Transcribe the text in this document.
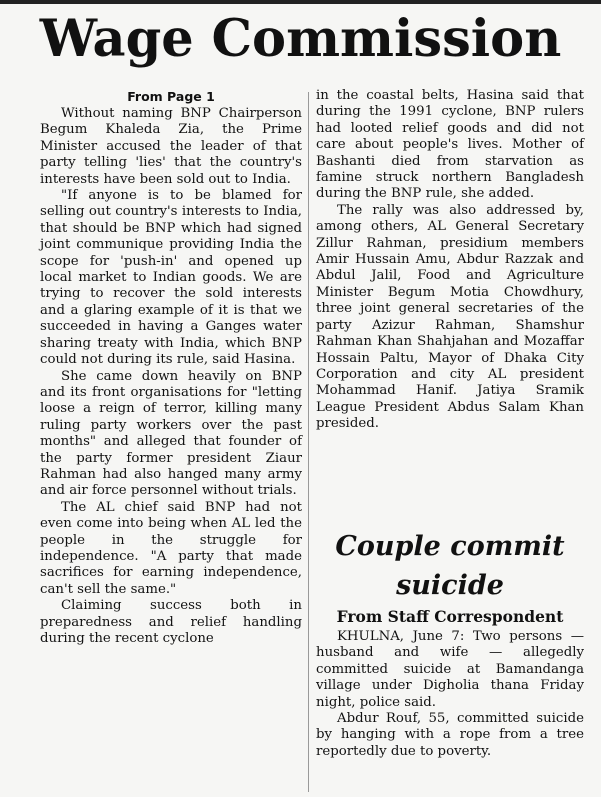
Wage Commission

From Page 1

Without naming BNP Chairperson Begum Khaleda Zia, the Prime Minister accused the leader of that party telling 'lies' that the country's interests have been sold out to India.

"If anyone is to be blamed for selling out country's interests to India, that should be BNP which had signed joint communique providing India the scope for 'push-in' and opened up local market to Indian goods. We are trying to recover the sold interests and a glaring example of it is that we succeeded in having a Ganges water sharing treaty with India, which BNP could not during its rule, said Hasina.

She came down heavily on BNP and its front organisations for "letting loose a reign of terror, killing many ruling party workers over the past months" and alleged that founder of the party former president Ziaur Rahman had also hanged many army and air force personnel without trials.

The AL chief said BNP had not even come into being when AL led the people in the struggle for independence. "A party that made sacrifices for earning independence, can't sell the same."

Claiming success both in preparedness and relief handling during the recent cyclone

in the coastal belts, Hasina said that during the 1991 cyclone, BNP rulers had looted relief goods and did not care about people's lives. Mother of Bashanti died from starvation as famine struck northern Bangladesh during the BNP rule, she added.

The rally was also addressed by, among others, AL General Secretary Zillur Rahman, presidium members Amir Hussain Amu, Abdur Razzak and Abdul Jalil, Food and Agriculture Minister Begum Motia Chowdhury, three joint general secretaries of the party Azizur Rahman, Shamshur Rahman Khan Shahjahan and Mozaffar Hossain Paltu, Mayor of Dhaka City Corporation and city AL president Mohammad Hanif. Jatiya Sramik League President Abdus Salam Khan presided.

Couple commit suicide

From Staff Correspondent

KHULNA, June 7: Two persons — husband and wife — allegedly committed suicide at Bamandanga village under Digholia thana Friday night, police said.

Abdur Rouf, 55, committed suicide by hanging with a rope from a tree reportedly due to poverty.
